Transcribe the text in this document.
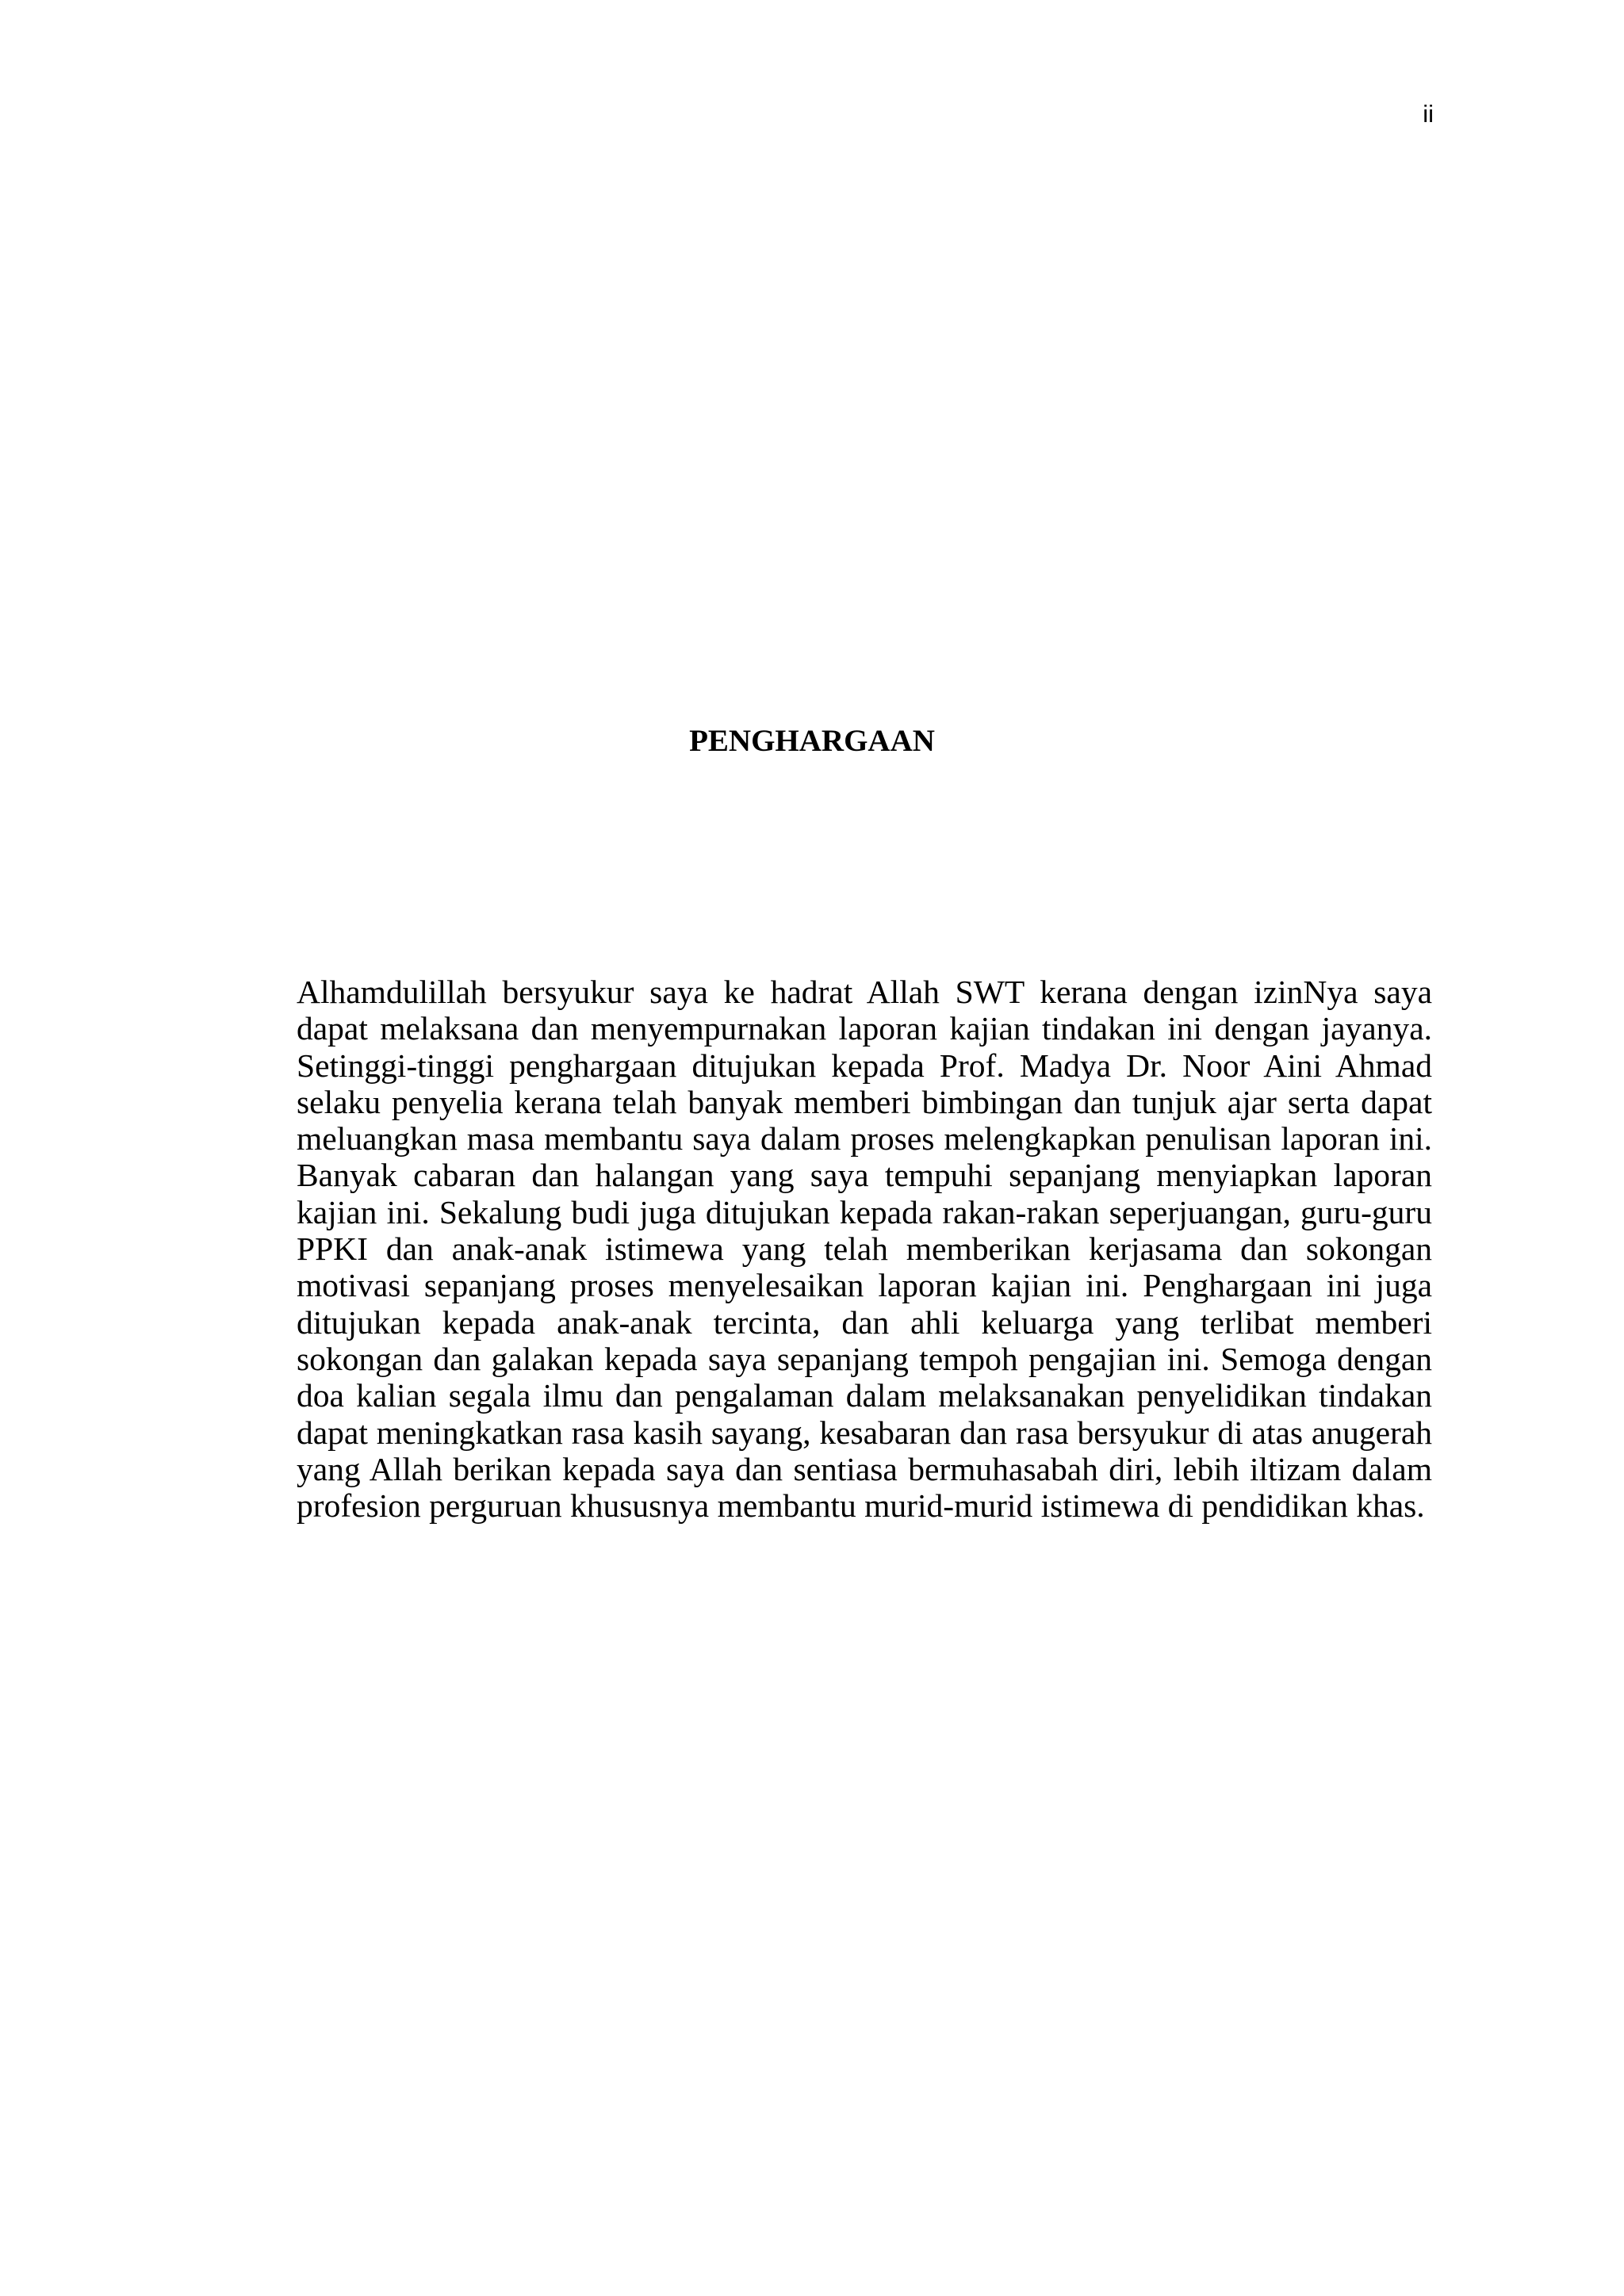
ii
PENGHARGAAN

Alhamdulillah bersyukur saya ke hadrat Allah SWT kerana dengan izinNya saya dapat melaksana dan menyempurnakan laporan kajian tindakan ini dengan jayanya. Setinggi-tinggi penghargaan ditujukan kepada Prof. Madya Dr. Noor Aini Ahmad selaku penyelia kerana telah banyak memberi bimbingan dan tunjuk ajar serta dapat meluangkan masa membantu saya dalam proses melengkapkan penulisan laporan ini. Banyak cabaran dan halangan yang saya tempuhi sepanjang menyiapkan laporan kajian ini. Sekalung budi juga ditujukan kepada rakan-rakan seperjuangan, guru-guru PPKI dan anak-anak istimewa yang telah memberikan kerjasama dan sokongan motivasi sepanjang proses menyelesaikan laporan kajian ini. Penghargaan ini juga ditujukan kepada anak-anak tercinta, dan ahli keluarga yang terlibat memberi sokongan dan galakan kepada saya sepanjang tempoh pengajian ini. Semoga dengan doa kalian segala ilmu dan pengalaman dalam melaksanakan penyelidikan tindakan dapat meningkatkan rasa kasih sayang, kesabaran dan rasa bersyukur di atas anugerah yang Allah berikan kepada saya dan sentiasa bermuhasabah diri, lebih iltizam dalam profesion perguruan khususnya membantu murid-murid istimewa di pendidikan khas.
